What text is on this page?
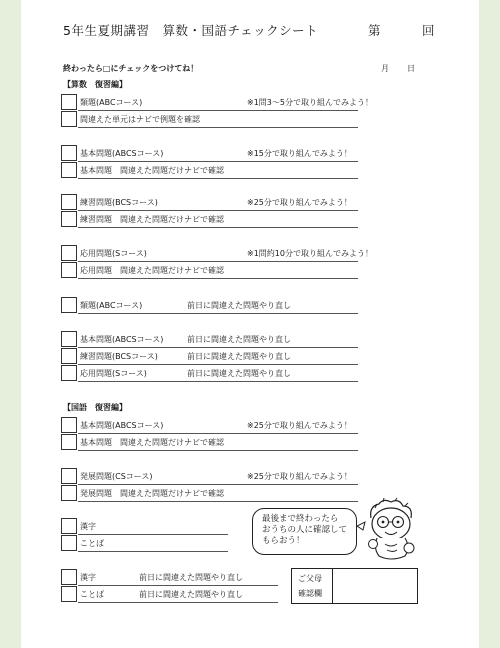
5年生夏期講習　算数・国語チェックシート	第	回
終わったら□にチェックをつけてね！	月 日
【算数　復習編】
類題(ABCコース)	※1問3～5分で取り組んでみよう！
間違えた単元はナビで例題を確認
基本問題(ABCSコース)	※15分で取り組んでみよう！
基本問題　間違えた問題だけナビで確認
練習問題(BCSコース)	※25分で取り組んでみよう！
練習問題　間違えた問題だけナビで確認
応用問題(Sコース)	※1問約10分で取り組んでみよう！
応用問題　間違えた問題だけナビで確認
類題(ABCコース)	前日に間違えた問題やり直し
基本問題(ABCSコース)	前日に間違えた問題やり直し
練習問題(BCSコース)	前日に間違えた問題やり直し
応用問題(Sコース)	前日に間違えた問題やり直し
【国語　復習編】
基本問題(ABCSコース)	※25分で取り組んでみよう！
基本問題　間違えた問題だけナビで確認
発展問題(CSコース)	※25分で取り組んでみよう！
発展問題　間違えた問題だけナビで確認
漢字
ことば
漢字	前日に間違えた問題やり直し
ことば	前日に間違えた問題やり直し
最後まで終わったら
おうちの人に確認して
もらおう！
ご父母
確認欄
